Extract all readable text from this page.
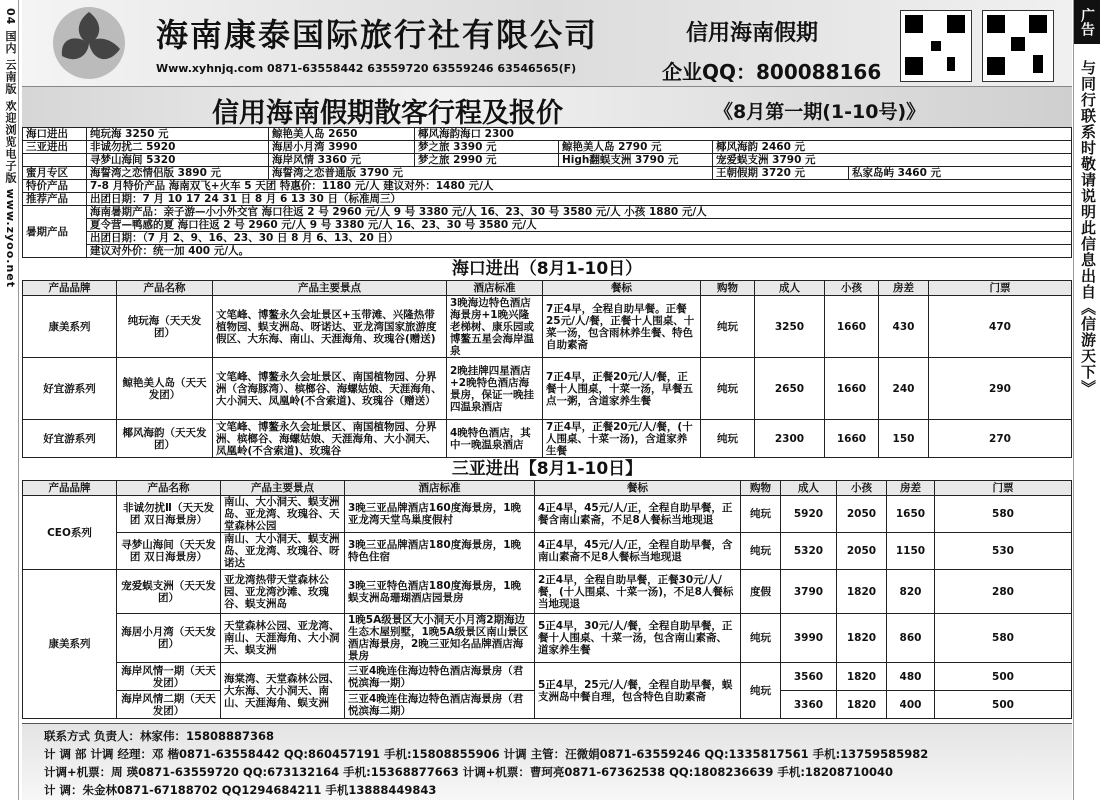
04 国内 云南版 欢迎浏览电子版 www.zyoo.net	广告
与同行联系时敬请说明此信息出自《信游天下》
海南康泰国际旅行社有限公司
Www.xyhnjq.com 0871-63558442 63559720 63559246 63546565(F)
信用海南假期
企业QQ：800088166
信用海南假期散客行程及报价	《8月第一期(1-10号)》
海口进出	纯玩海 3250 元	鲸艳美人岛 2650	椰风海韵海口 2300			
三亚进出	非诚勿扰二 5920	海居小月湾 3990	梦之旅 3390 元	鲸艳美人岛 2790 元	椰风海韵 2460 元	
	寻梦山海间 5320	海岸风情 3360 元	梦之旅 2990 元	High翻蜈支洲 3790 元	宠爱蜈支洲 3790 元	
蜜月专区	海誓湾之恋情侣版 3890 元	海誓湾之恋普通版 3790 元			王朝假期 3720 元	私家岛屿 3460 元
特价产品	7-8 月特价产品 海南双飞+火车 5 天团 特惠价：1180 元/人 建议对外：1480 元/人					
推荐产品	出团日期：7 月 10 17 24 31 日 8 月 6 13 30 日（标准周三）					
暑期产品	海南暑期产品：亲子游—小小外交官 海口往返 2 号 2960 元/人 9 号 3380 元/人 16、23、30 号 3580 元/人 小孩 1880 元/人					
	夏令营—鸭感的夏 海口往返 2 号 2960 元/人 9 号 3380 元/人 16、23、30 号 3580 元/人					
	出团日期：（7 月 2、9、16、23、30 日 8 月 6、13、20 日）					
	建议对外价：统一加 400 元/人。					
海口进出（8月1-10日）
产品品牌	产品名称	产品主要景点	酒店标准	餐标	购物	成人	小孩	房差	门票
康美系列	纯玩海（天天发团）	文笔峰、博鳌永久会址景区+玉带滩、兴隆热带植物园、蜈支洲岛、呀诺达、亚龙湾国家旅游度假区、大东海、南山、天涯海角、玫瑰谷(赠送)	3晚海边特色酒店海景房+1晚兴隆老梯树、康乐园或博鳌五星会海岸温泉	7正4早，全程自助早餐。正餐25元/人/餐，正餐十人围桌、十菜一汤，包含雨林养生餐、特色自助素斋	纯玩	3250	1660	430	470
好宜游系列	鲸艳美人岛（天天发团）	文笔峰、博鳌永久会址景区、南国植物园、分界洲（含海豚湾）、槟榔谷、海螺姑娘、天涯海角、大小洞天、凤凰岭(不含索道)、玫瑰谷（赠送）	2晚挂牌四星酒店+2晚特色酒店海景房，保证一晚挂四温泉酒店	7正4早，正餐20元/人/餐，正餐十人围桌，十菜一汤，早餐五点一粥，含道家养生餐	纯玩	2650	1660	240	290
好宜游系列	椰风海韵（天天发团）	文笔峰、博鳌永久会址景区、南国植物园、分界洲、槟榔谷、海螺姑娘、天涯海角、大小洞天、凤凰岭(不含索道)、玫瑰谷	4晚特色酒店，其中一晚温泉酒店	7正4早，正餐20元/人/餐，(十人围桌、十菜一汤)，含道家养生餐	纯玩	2300	1660	150	270
三亚进出【8月1-10日】
产品品牌	产品名称	产品主要景点	酒店标准	餐标	购物	成人	小孩	房差	门票
CEO系列	非诚勿扰Ⅱ（天天发团 双日海景房）	南山、大小洞天、蜈支洲岛、亚龙湾、玫瑰谷、天堂森林公园	3晚三亚品牌酒店160度海景房，1晚亚龙湾天堂鸟巢度假村	4正4早，45元/人/正，全程自助早餐，正餐含南山素斋，不足8人餐标当地现退	纯玩	5920	2050	1650	580
	寻梦山海间（天天发团 双日海景房）	南山、大小洞天、蜈支洲岛、亚龙湾、玫瑰谷、呀诺达	3晚三亚品牌酒店180度海景房，1晚特色住宿	4正4早，45元/人/正，全程自助早餐，含南山素斋不足8人餐标当地现退	纯玩	5320	2050	1150	530
康美系列	宠爱蜈支洲（天天发团）	亚龙湾热带天堂森林公园、亚龙湾沙滩、玫瑰谷、蜈支洲岛	3晚三亚特色酒店180度海景房，1晚蜈支洲岛珊瑚酒店园景房	2正4早，全程自助早餐，正餐30元/人/餐，(十人围桌、十菜一汤)，不足8人餐标当地现退	度假	3790	1820	820	280
	海居小月湾（天天发团）	天堂森林公园、亚龙湾、南山、天涯海角、大小洞天、蜈支洲	1晚5A级景区大小洞天小月湾2期海边生态木屋别墅，1晚5A级景区南山景区酒店海景房，2晚三亚知名品牌酒店海景房	5正4早，30元/人/餐，全程自助早餐，正餐十人围桌、十菜一汤，包含南山素斋、道家养生餐	纯玩	3990	1820	860	580
	海岸风情一期（天天发团）	海棠湾、天堂森林公园、大东海、大小洞天、南山、天涯海角、蜈支洲	三亚4晚连住海边特色酒店海景房（君悦滨海一期）	5正4早，25元/人/餐，全程自助早餐，蜈支洲岛中餐自理，包含特色自助素斋	纯玩	3560	1820	480	500
	海岸风情二期（天天发团）		三亚4晚连住海边特色酒店海景房（君悦滨海二期）			3360	1820	400	500
联系方式 负责人：林家伟：15808887368
计 调 部 计调 经理：邓 楷0871-63558442 QQ:860457191 手机:15808855906 计调 主管：汪微娟0871-63559246 QQ:1335817561 手机:13759585982
计调+机票：周 瑛0871-63559720 QQ:673132164 手机:15368877663 计调+机票：曹珂亮0871-67362538 QQ:1808236639 手机:18208710040
计 调：朱金林0871-67188702 QQ1294684211 手机13888449843
